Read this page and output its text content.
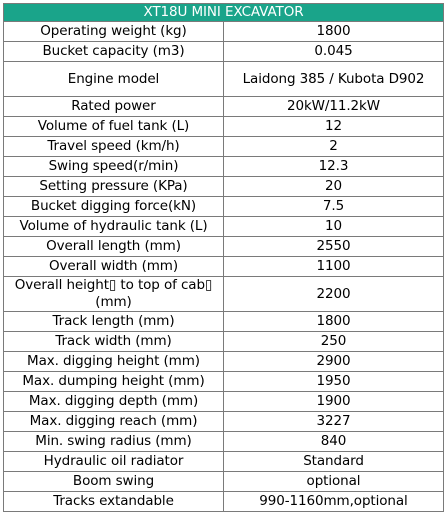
XT18U MINI EXCAVATOR	
Operating weight (kg)	1800
Bucket capacity (m3)	0.045
Engine model	Laidong 385 / Kubota D902
Rated power	20kW/11.2kW
Volume of fuel tank (L)	12
Travel speed (km/h)	2
Swing speed(r/min)	12.3
Setting pressure (KPa)	20
Bucket digging force(kN)	7.5
Volume of hydraulic tank (L)	10
Overall length (mm)	2550
Overall width (mm)	1100
Overall height▯ to top of cab▯ (mm)	2200
Track length (mm)	1800
Track width (mm)	250
Max. digging height (mm)	2900
Max. dumping height (mm)	1950
Max. digging depth (mm)	1900
Max. digging reach (mm)	3227
Min. swing radius (mm)	840
Hydraulic oil radiator	Standard
Boom swing	optional
Tracks extandable	990-1160mm,optional
